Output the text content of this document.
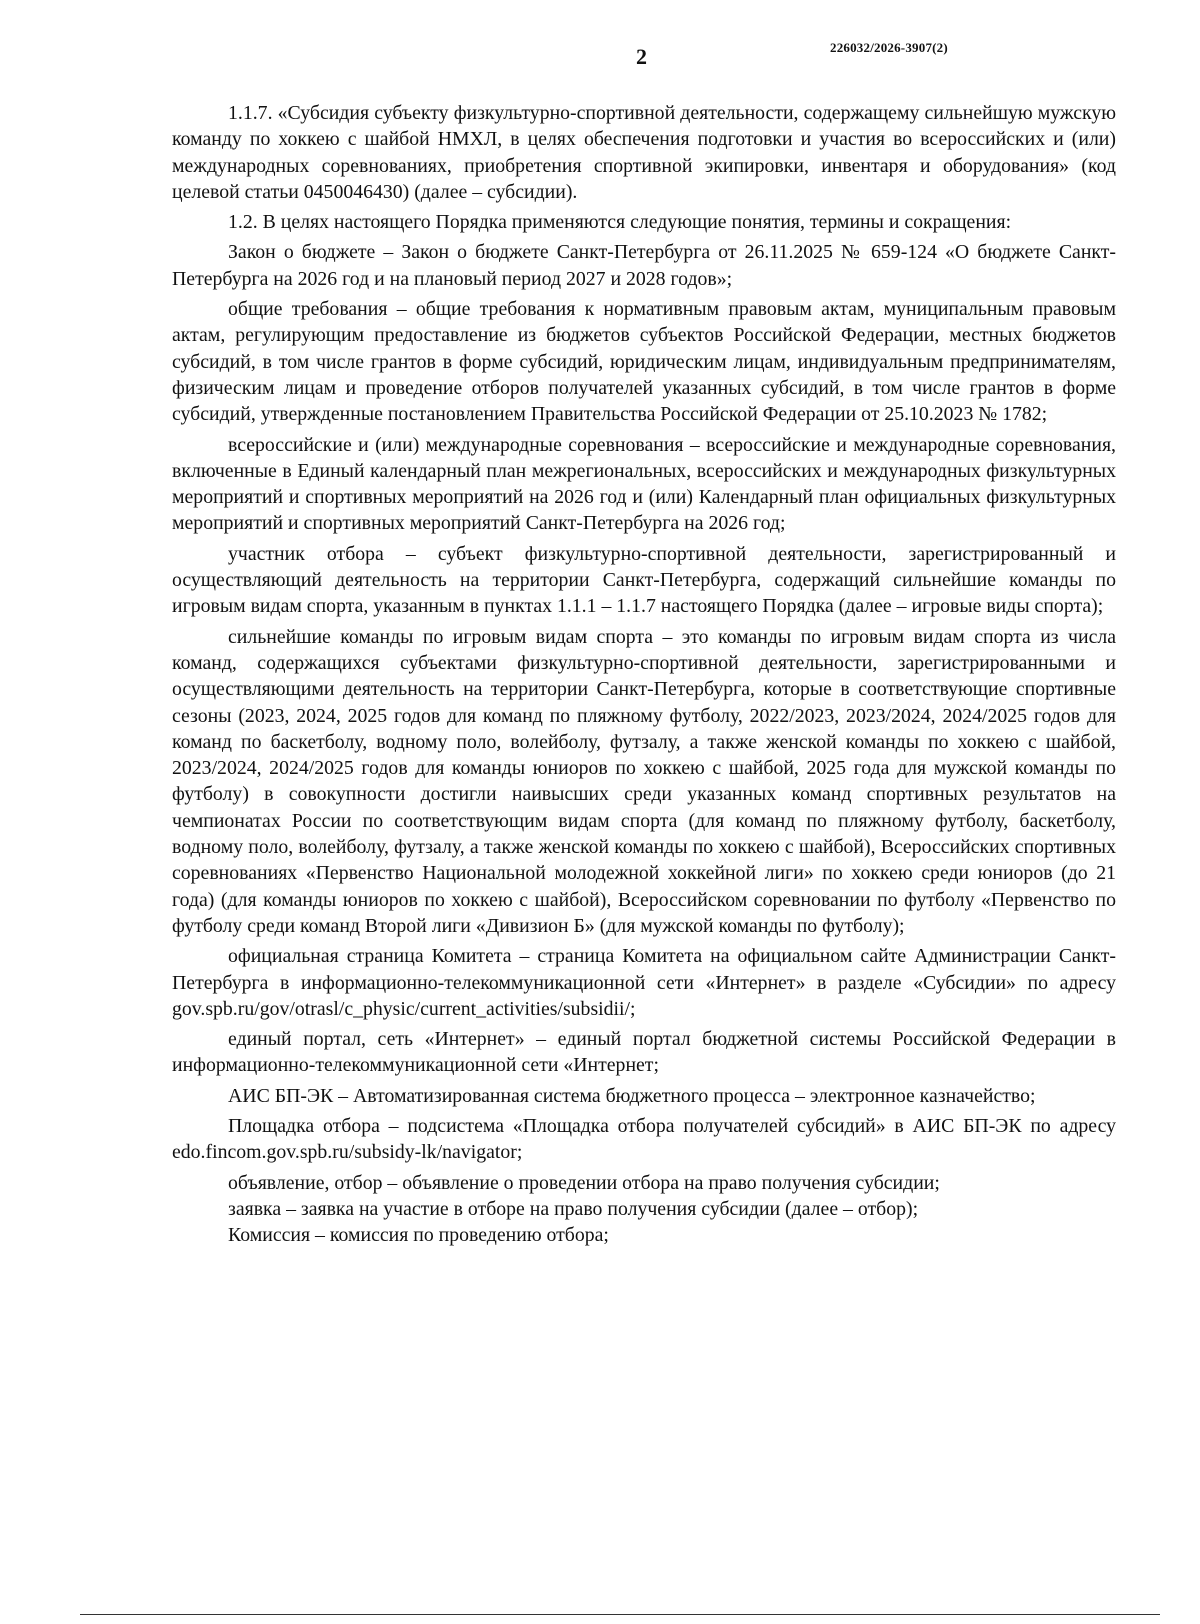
2	226032/2026-3907(2)

1.1.7. «Субсидия субъекту физкультурно-спортивной деятельности, содержащему сильнейшую мужскую команду по хоккею с шайбой НМХЛ, в целях обеспечения подготовки и участия во всероссийских и (или) международных соревнованиях, приобретения спортивной экипировки, инвентаря и оборудования» (код целевой статьи 0450046430) (далее – субсидии).

1.2. В целях настоящего Порядка применяются следующие понятия, термины и сокращения:

Закон о бюджете – Закон о бюджете Санкт-Петербурга от 26.11.2025 № 659-124 «О бюджете Санкт-Петербурга на 2026 год и на плановый период 2027 и 2028 годов»;

общие требования – общие требования к нормативным правовым актам, муниципальным правовым актам, регулирующим предоставление из бюджетов субъектов Российской Федерации, местных бюджетов субсидий, в том числе грантов в форме субсидий, юридическим лицам, индивидуальным предпринимателям, физическим лицам и проведение отборов получателей указанных субсидий, в том числе грантов в форме субсидий, утвержденные постановлением Правительства Российской Федерации от 25.10.2023 № 1782;

всероссийские и (или) международные соревнования – всероссийские и международные соревнования, включенные в Единый календарный план межрегиональных, всероссийских и международных физкультурных мероприятий и спортивных мероприятий на 2026 год и (или) Календарный план официальных физкультурных мероприятий и спортивных мероприятий Санкт-Петербурга на 2026 год;

участник отбора – субъект физкультурно-спортивной деятельности, зарегистрированный и осуществляющий деятельность на территории Санкт-Петербурга, содержащий сильнейшие команды по игровым видам спорта, указанным в пунктах 1.1.1 – 1.1.7 настоящего Порядка (далее – игровые виды спорта);

сильнейшие команды по игровым видам спорта – это команды по игровым видам спорта из числа команд, содержащихся субъектами физкультурно-спортивной деятельности, зарегистрированными и осуществляющими деятельность на территории Санкт-Петербурга, которые в соответствующие спортивные сезоны (2023, 2024, 2025 годов для команд по пляжному футболу, 2022/2023, 2023/2024, 2024/2025 годов для команд по баскетболу, водному поло, волейболу, футзалу, а также женской команды по хоккею с шайбой, 2023/2024, 2024/2025 годов для команды юниоров по хоккею с шайбой, 2025 года для мужской команды по футболу) в совокупности достигли наивысших среди указанных команд спортивных результатов на чемпионатах России по соответствующим видам спорта (для команд по пляжному футболу, баскетболу, водному поло, волейболу, футзалу, а также женской команды по хоккею с шайбой), Всероссийских спортивных соревнованиях «Первенство Национальной молодежной хоккейной лиги» по хоккею среди юниоров (до 21 года) (для команды юниоров по хоккею с шайбой), Всероссийском соревновании по футболу «Первенство по футболу среди команд Второй лиги «Дивизион Б» (для мужской команды по футболу);

официальная страница Комитета – страница Комитета на официальном сайте Администрации Санкт-Петербурга в информационно-телекоммуникационной сети «Интернет» в разделе «Субсидии» по адресу gov.spb.ru/gov/otrasl/c_physic/current_activities/subsidii/;

единый портал, сеть «Интернет» – единый портал бюджетной системы Российской Федерации в информационно-телекоммуникационной сети «Интернет;

АИС БП-ЭК – Автоматизированная система бюджетного процесса – электронное казначейство;

Площадка отбора – подсистема «Площадка отбора получателей субсидий» в АИС БП-ЭК по адресу edo.fincom.gov.spb.ru/subsidy-lk/navigator;

объявление, отбор – объявление о проведении отбора на право получения субсидии;

заявка – заявка на участие в отборе на право получения субсидии (далее – отбор);

Комиссия – комиссия по проведению отбора;
